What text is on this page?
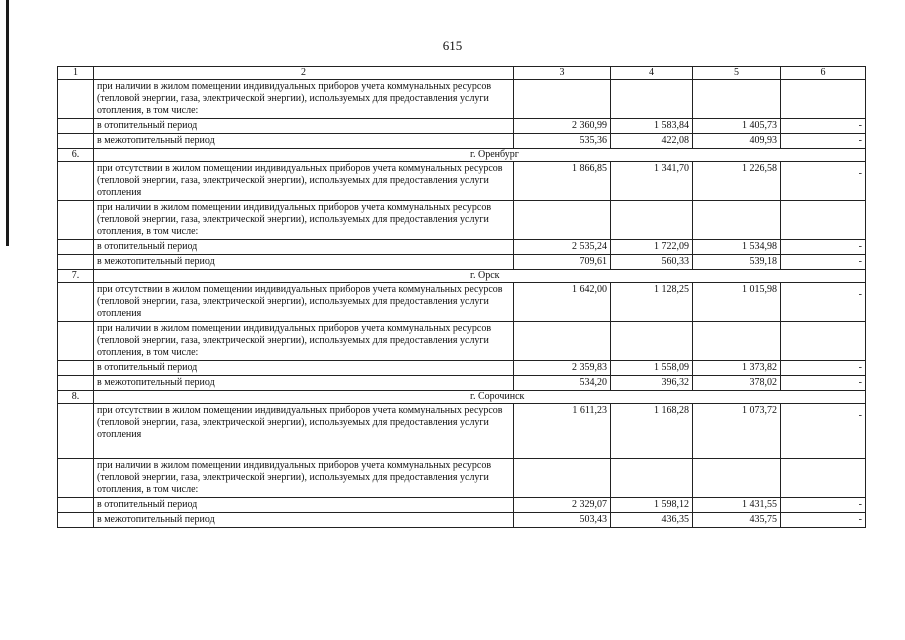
615
1	2	3	4	5	6
	при наличии в жилом помещении индивидуальных приборов учета коммунальных ресурсов (тепловой энергии, газа, электрической энергии), используемых для предоставления услуги отопления, в том числе:				
	в отопительный период	2 360,99	1 583,84	1 405,73	-
	в межотопительный период	535,36	422,08	409,93	-
6.	г. Оренбург				
	при отсутствии в жилом помещении индивидуальных приборов учета коммунальных ресурсов (тепловой энергии, газа, электрической энергии), используемых для предоставления услуги отопления	1 866,85	1 341,70	1 226,58	-
	при наличии в жилом помещении индивидуальных приборов учета коммунальных ресурсов (тепловой энергии, газа, электрической энергии), используемых для предоставления услуги отопления, в том числе:				
	в отопительный период	2 535,24	1 722,09	1 534,98	-
	в межотопительный период	709,61	560,33	539,18	-
7.	г. Орск				
	при отсутствии в жилом помещении индивидуальных приборов учета коммунальных ресурсов (тепловой энергии, газа, электрической энергии), используемых для предоставления услуги отопления	1 642,00	1 128,25	1 015,98	-
	при наличии в жилом помещении индивидуальных приборов учета коммунальных ресурсов (тепловой энергии, газа, электрической энергии), используемых для предоставления услуги отопления, в том числе:				
	в отопительный период	2 359,83	1 558,09	1 373,82	-
	в межотопительный период	534,20	396,32	378,02	-
8.	г. Сорочинск				
	при отсутствии в жилом помещении индивидуальных приборов учета коммунальных ресурсов (тепловой энергии, газа, электрической энергии), используемых для предоставления услуги отопления	1 611,23	1 168,28	1 073,72	-
	при наличии в жилом помещении индивидуальных приборов учета коммунальных ресурсов (тепловой энергии, газа, электрической энергии), используемых для предоставления услуги отопления, в том числе:				
	в отопительный период	2 329,07	1 598,12	1 431,55	-
	в межотопительный период	503,43	436,35	435,75	-
